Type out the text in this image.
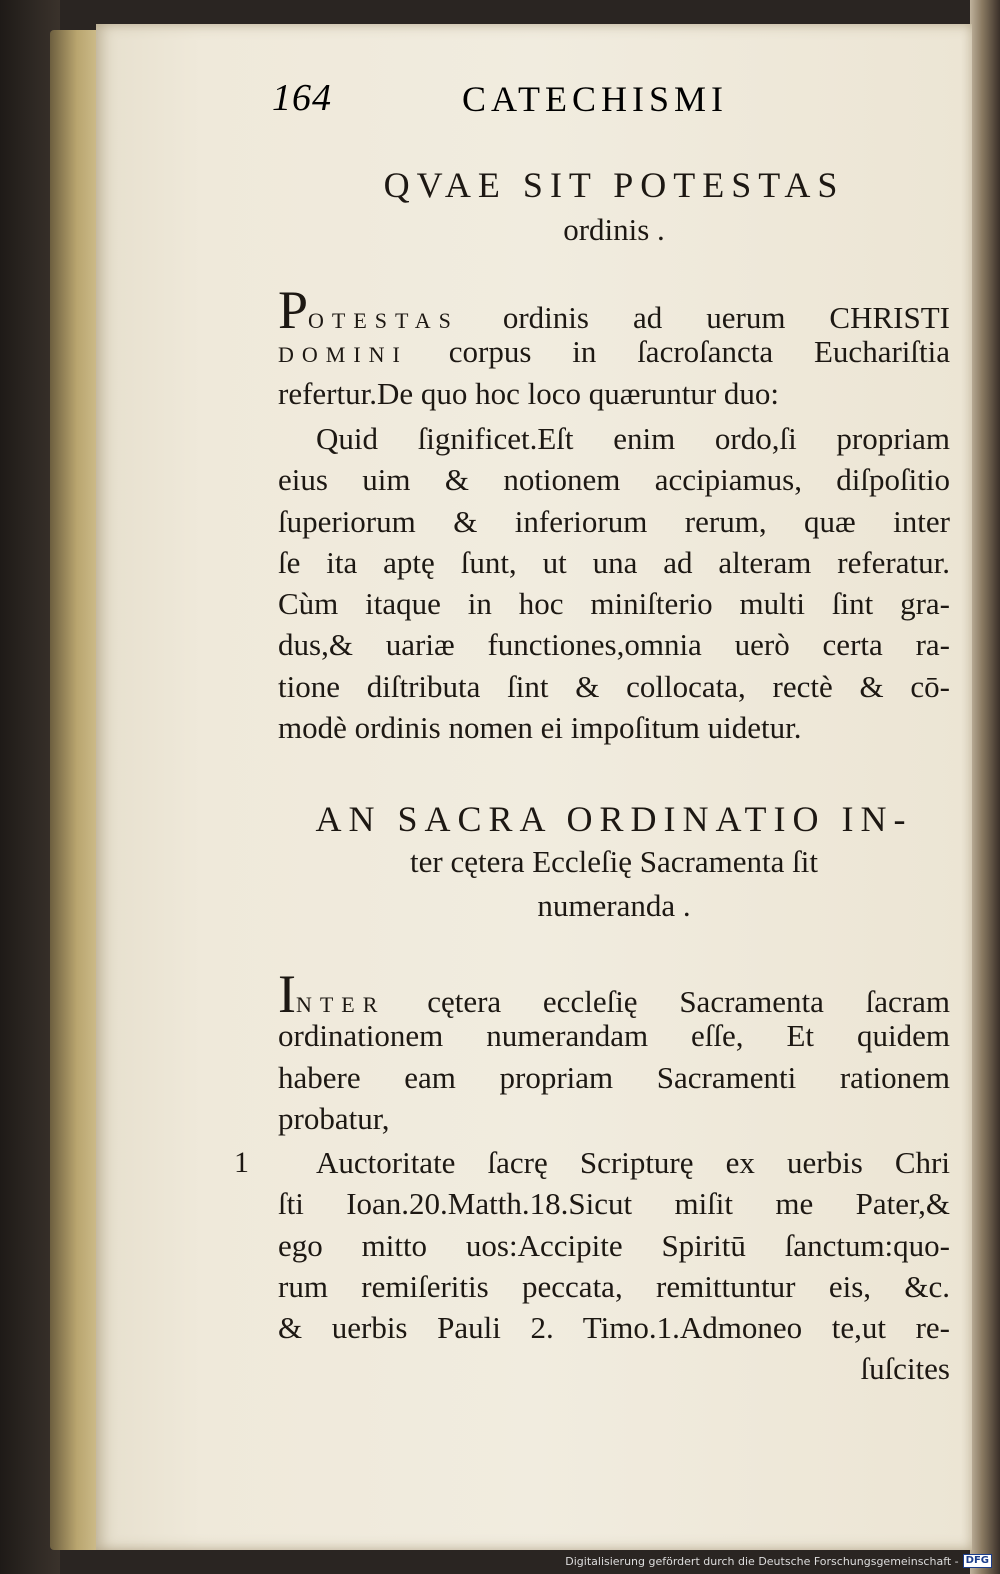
164	CATECHISMI
QVAE SIT POTESTAS
ordinis .
POTESTAS ordinis ad uerum CHRISTI
DOMINI corpus in ſacroſancta Euchariſtia
refertur.De quo hoc loco quæruntur duo:
Quid ſignificet.Eſt enim ordo,ſi propriam
eius uim & notionem accipiamus, diſpoſitio
ſuperiorum & inferiorum rerum, quæ inter
ſe ita aptę ſunt, ut una ad alteram referatur.
Cùm itaque in hoc miniſterio multi ſint gra-
dus,& uariæ functiones,omnia uerò certa ra-
tione diſtributa ſint & collocata, rectè & cō-
modè ordinis nomen ei impoſitum uidetur.
AN SACRA ORDINATIO IN-
ter cętera Eccleſię Sacramenta ſit
numeranda .
INTER cętera eccleſię Sacramenta ſacram
ordinationem numerandam eſſe, Et quidem
habere eam propriam Sacramenti rationem
probatur,
1	Auctoritate ſacrę Scripturę ex uerbis Chri
ſti Ioan.20.Matth.18.Sicut miſit me Pater,&
ego mitto uos:Accipite Spiritū ſanctum:quo-
rum remiſeritis peccata, remittuntur eis, &c.
& uerbis Pauli 2. Timo.1.Admoneo te,ut re-
ſuſcites
Digitalisierung gefördert durch die Deutsche Forschungsgemeinschaft - DFG
